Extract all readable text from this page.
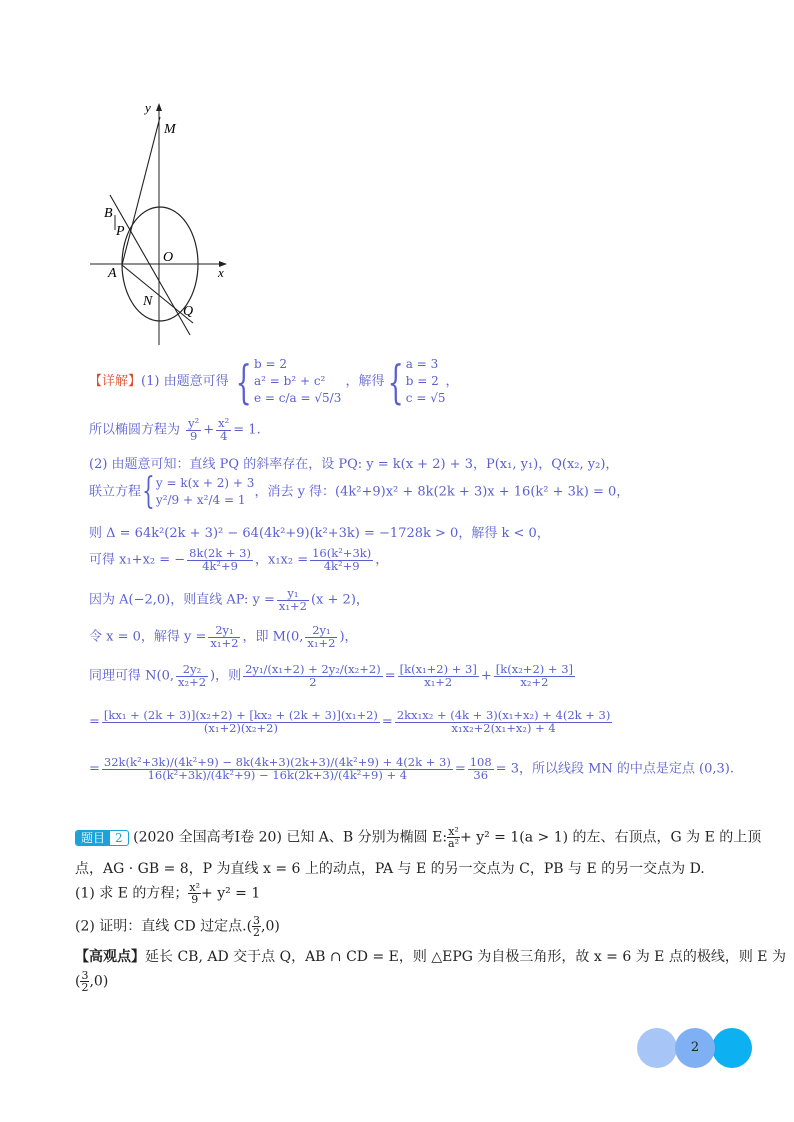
y
x
M
B
P
O
A
N
Q
【详解】(1) 由题意可得 { b = 2
a² = b² + c²
e = c/a = √5/3 ，解得{ a = 3
b = 2
c = √5，
所以椭圆方程为 $\frac{\text{y²}}{9} + \frac{\text{x²}}{4} = 1$.
(2) 由题意可知：直线 PQ 的斜率存在，设 PQ: y = k(x + 2) + 3，P(x₁, y₁)，Q(x₂, y₂)，
联立方程{y = k(x + 2) + 3
y²/9 + x²/4 = 1，消去 y 得：(4k²+9)x² + 8k(2k + 3)x + 16(k² + 3k) = 0，
则 Δ = 64k²(2k + 3)² − 64(4k²+9)(k²+3k) = −1728k > 0，解得 k < 0，
可得 x₁+x₂ = − $\frac{8k(2k + 3)}{\text{4k²+9}}$ ，$x_1x_2 = \frac{\text{16(k²+3k)}}{\text{4k²+9}}$ ，
因为 A(−2,0)，则直线 AP: $y = \frac{\text{y₁}}{\text{x₁+2}} (x + 2)$，
令 x = 0，解得 $y = \frac{\text{2y₁}}{\text{x₁+2}}$ ，即 M(0, $\frac{\text{2y₁}}{\text{x₁+2}}$ )，
同理可得 N(0, $\frac{\text{2y₂}}{\text{x₂+2}}$ )，则 $\frac{\text{2y₁/(x₁+2) + 2y₂/(x₂+2)}}{2} = \frac{\text{[k(x₁+2) + 3]}}{\text{x₁+2}} + \frac{\text{[k(x₂+2) + 3]}}{\text{x₂+2}}$
= $\frac{\text{[kx₁ + (2k + 3)](x₂+2) + [kx₂ + (2k + 3)](x₁+2)}}{\text{(x₁+2)(x₂+2)}} = \frac{\text{2kx₁x₂ + (4k + 3)(x₁+x₂) + 4(2k + 3)}}{\text{x₁x₂+2(x₁+x₂) + 4}}$
= $\frac{\text{32k(k²+3k)/(4k²+9) − 8k(4k+3)(2k+3)/(4k²+9) + 4(2k + 3)}}{\text{16(k²+3k)/(4k²+9) − 16k(2k+3)/(4k²+9) + 4}} = \frac{108}{36} = 3$，所以线段 MN 的中点是定点 (0,3).
题目 2 (2020 全国高考Ⅰ卷 20) 已知 A、B 分别为椭圆 E: $\frac{\text{x²}}{\text{a²}} + y^2 = 1(a > 1)$ 的左、右顶点，G 为 E 的上顶
点，AG · GB = 8，P 为直线 x = 6 上的动点，PA 与 E 的另一交点为 C，PB 与 E 的另一交点为 D.
(1) 求 E 的方程； $\frac{\text{x²}}{9} + y^2 = 1$
(2) 证明：直线 CD 过定点.( $\frac{3}{2} ,0$)
【高观点】延长 CB, AD 交于点 Q，AB ∩ CD = E，则 △EPG 为自极三角形，故 x = 6 为 E 点的极线，则 E 为
( $\frac{3}{2} ,0$)
2
